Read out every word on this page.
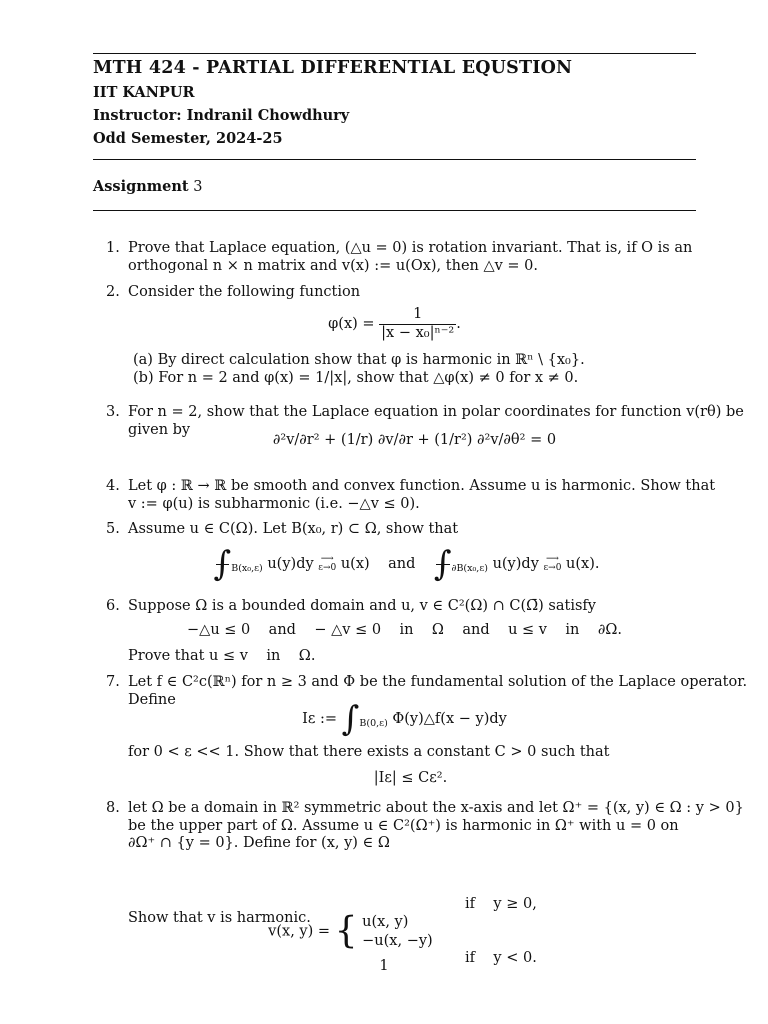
MTH 424 - PARTIAL DIFFERENTIAL EQUSTION
IIT KANPUR
Instructor: Indranil Chowdhury
Odd Semester, 2024-25
Assignment 3
1. Prove that Laplace equation, (△u = 0) is rotation invariant. That is, if O is an
orthogonal n × n matrix and v(x) := u(Ox), then △v = 0.
2. Consider the following function
$\varphi(x) = \frac{1}{\text{|x − x₀|ⁿ⁻²}}$ .
(a) By direct calculation show that φ is harmonic in ℝⁿ \ {x₀}.
(b) For n = 2 and φ(x) = 1/|x|, show that △φ(x) ≠ 0 for x ≠ 0.
3. For n = 2, show that the Laplace equation in polar coordinates for function v(rθ) be
given by
∂²v/∂r² + (1/r) ∂v/∂r + (1/r²) ∂²v/∂θ² = 0
4. Let φ : ℝ → ℝ be smooth and convex function. Assume u is harmonic. Show that
v := φ(u) is subharmonic (i.e. −△v ≤ 0).
5. Assume u ∈ C(Ω). Let B(x₀, r) ⊂ Ω, show that
$\int_{B(x_0,\varepsilon)}$ u(y)dy ⟶
ε→0 u(x) and $\int_{\partial B(x_0,\varepsilon)}$ u(y)dy ⟶
ε→0 u(x).
6. Suppose Ω is a bounded domain and u, v ∈ C²(Ω) ∩ C(Ω̄) satisfy
−△u ≤ 0    and    − △v ≤ 0    in    Ω    and    u ≤ v    in    ∂Ω.
Prove that u ≤ v    in    Ω.
7. Let f ∈ C²c(ℝⁿ) for n ≥ 3 and Φ be the fundamental solution of the Laplace operator.
Define
Iε := $\int_{B(0,\varepsilon)}$ Φ(y)△f(x − y)dy
for 0 < ε << 1. Show that there exists a constant C > 0 such that
|Iε| ≤ Cε².
8. let Ω be a domain in ℝ² symmetric about the x-axis and let Ω⁺ = {(x, y) ∈ Ω : y > 0}
be the upper part of Ω. Assume u ∈ C²(Ω⁺) is harmonic in Ω⁺ with u = 0 on
∂Ω⁺ ∩ {y = 0}. Define for (x, y) ∈ Ω
v(x, y) = { u(x, y)
−u(x, −y)

if    y ≥ 0,

if    y < 0.

Show that v is harmonic.
1
